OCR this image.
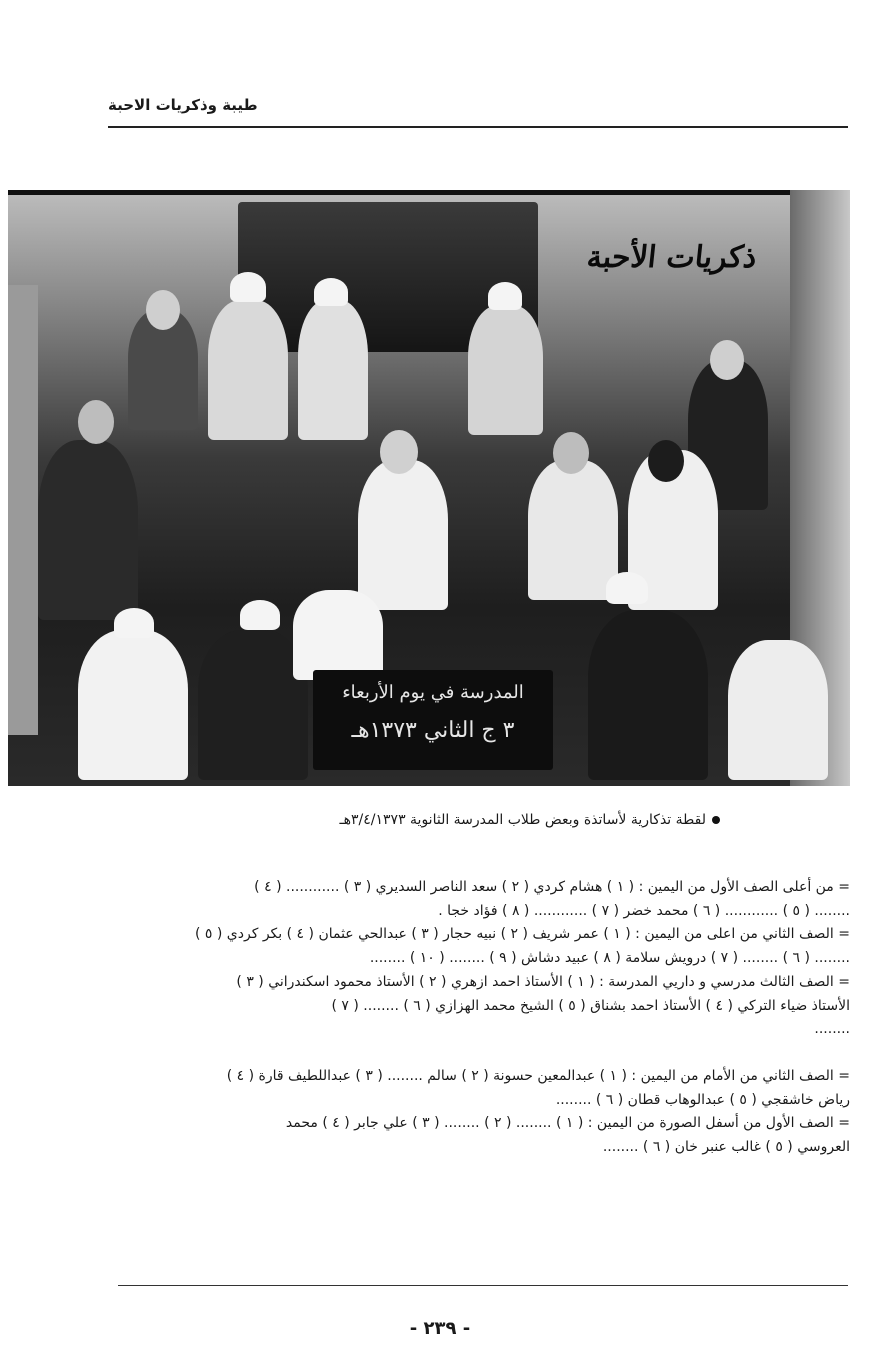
طيبة وذكريات الاحبة
المدرسة في يوم الأربعاء
٣ ج الثاني ١٣٧٣هـ
ذكريات الأحبة
لقطة تذكارية لأساتذة وبعض طلاب المدرسة الثانوية ٣/٤/١٣٧٣هـ

= من أعلى الصف الأول من اليمين : ( ١ ) هشام كردي ( ٢ ) سعد الناصر السديري ( ٣ ) ............ ( ٤ )

........ ( ٥ ) ............ ( ٦ ) محمد خضر ( ٧ ) ............ ( ٨ ) فؤاد خجا .

= الصف الثاني من اعلى من اليمين : ( ١ ) عمر شريف ( ٢ ) نبيه حجار ( ٣ ) عبدالحي عثمان ( ٤ ) بكر كردي ( ٥ )

........ ( ٦ ) ........ ( ٧ ) درويش سلامة ( ٨ ) عبيد دشاش ( ٩ ) ........ ( ١٠ ) ........

= الصف الثالث مدرسي و داريي المدرسة : ( ١ ) الأستاذ احمد ازهري ( ٢ ) الأستاذ محمود اسكندراني ( ٣ )

الأستاذ ضياء التركي ( ٤ ) الأستاذ احمد بشناق ( ٥ ) الشيخ محمد الهزازي ( ٦ ) ........ ( ٧ )

........

= الصف الثاني من الأمام من اليمين : ( ١ ) عبدالمعين حسونة ( ٢ ) سالم ........ ( ٣ ) عبداللطيف قارة ( ٤ )

رياض خاشقجي ( ٥ ) عبدالوهاب قطان ( ٦ ) ........

= الصف الأول من أسفل الصورة من اليمين : ( ١ ) ........ ( ٢ ) ........ ( ٣ ) علي جابر ( ٤ ) محمد

العروسي ( ٥ ) غالب عنبر خان ( ٦ ) ........

- ٢٣٩ -
